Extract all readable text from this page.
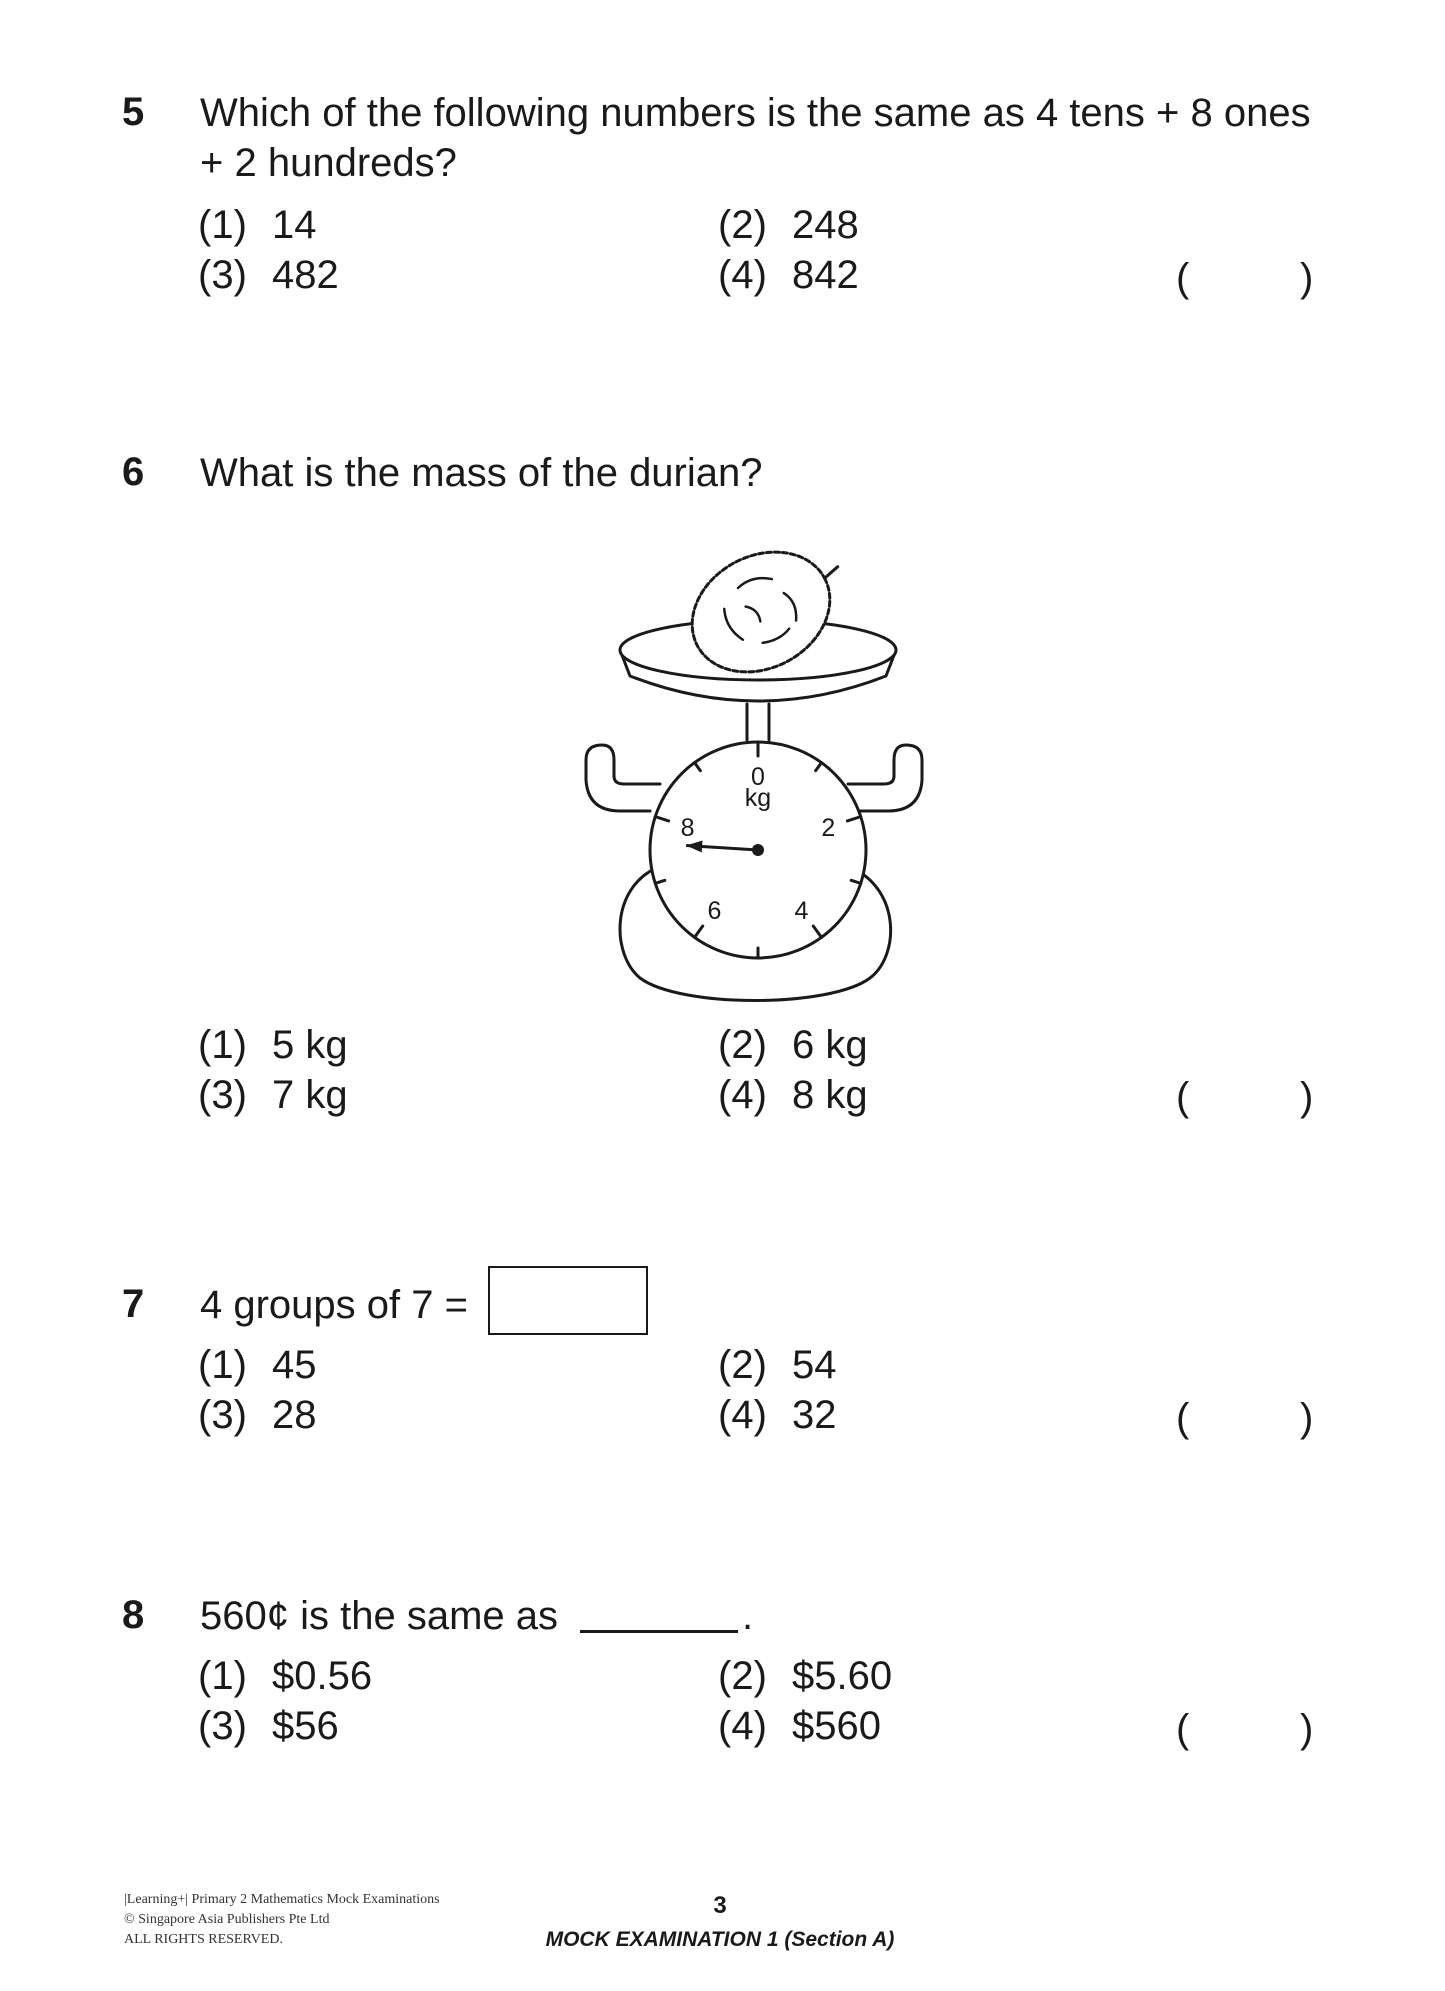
5 Which of the following numbers is the same as 4 tens + 8 ones + 2 hundreds?
(1) 14	(2) 248
(3) 482	(4) 842	(	)
6 What is the mass of the durian?
0
2
4
6
8
kg
(1) 5 kg	(2) 6 kg
(3) 7 kg	(4) 8 kg	(	)
7 4 groups of 7 =
(1) 45	(2) 54
(3) 28	(4) 32	(	)
8 560¢ is the same as	.
(1) $0.56	(2) $5.60
(3) $56	(4) $560	(	)
|Learning+| Primary 2 Mathematics Mock Examinations
© Singapore Asia Publishers Pte Ltd
ALL RIGHTS RESERVED.
3
MOCK EXAMINATION 1 (Section A)
